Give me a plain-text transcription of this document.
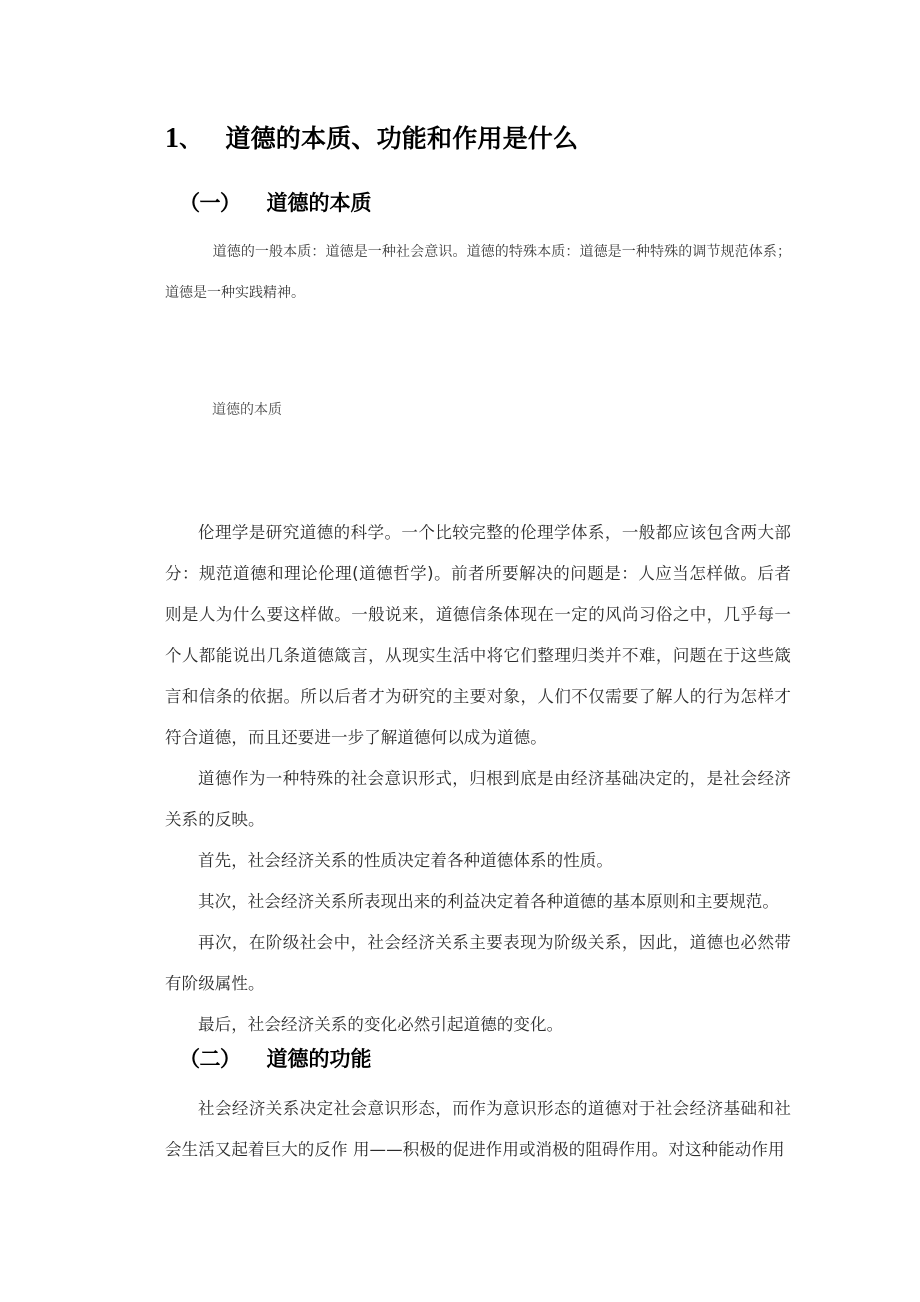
1、 道德的本质、功能和作用是什么
（一） 道德的本质

道德的一般本质：道德是一种社会意识。道德的特殊本质：道德是一种特殊的调节规范体系；道德是一种实践精神。

道德的本质

伦理学是研究道德的科学。一个比较完整的伦理学体系，一般都应该包含两大部分：规范道德和理论伦理(道德哲学)。前者所要解决的问题是：人应当怎样做。后者则是人为什么要这样做。一般说来，道德信条体现在一定的风尚习俗之中，几乎每一个人都能说出几条道德箴言，从现实生活中将它们整理归类并不难，问题在于这些箴言和信条的依据。所以后者才为研究的主要对象，人们不仅需要了解人的行为怎样才符合道德，而且还要进一步了解道德何以成为道德。

道德作为一种特殊的社会意识形式，归根到底是由经济基础决定的，是社会经济关系的反映。

首先，社会经济关系的性质决定着各种道德体系的性质。

其次，社会经济关系所表现出来的利益决定着各种道德的基本原则和主要规范。

再次，在阶级社会中，社会经济关系主要表现为阶级关系，因此，道德也必然带有阶级属性。

最后，社会经济关系的变化必然引起道德的变化。

（二） 道德的功能

社会经济关系决定社会意识形态，而作为意识形态的道德对于社会经济基础和社会生活又起着巨大的反作 用——积极的促进作用或消极的阻碍作用。对这种能动作用
